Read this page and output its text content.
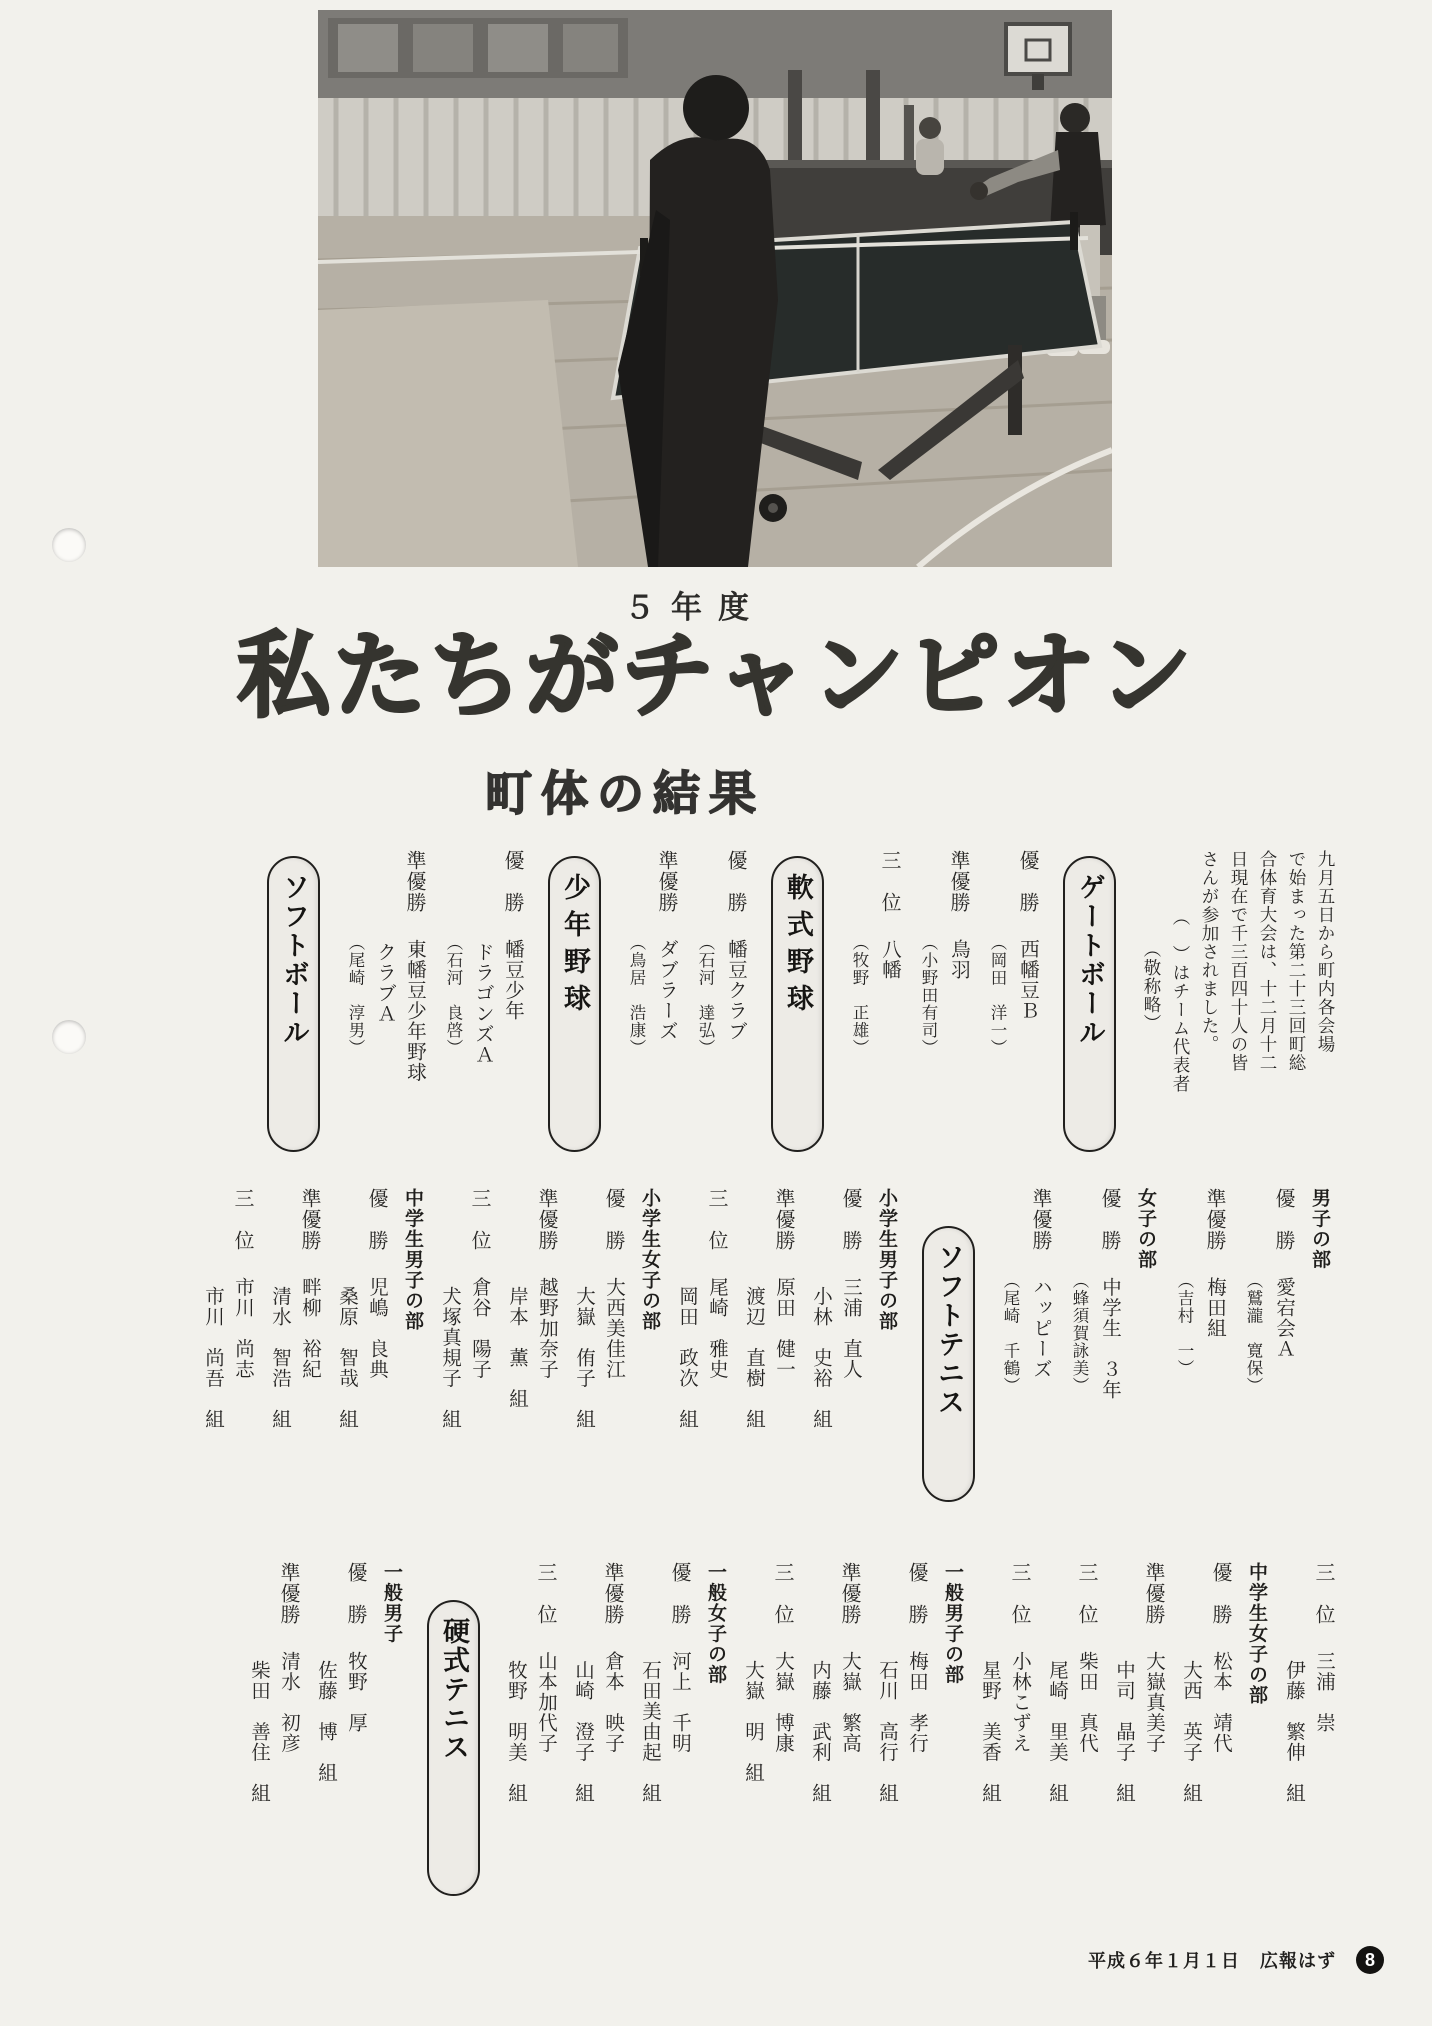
５年度
私たちがチャンピオン
町体の結果
九月五日から町内各会場
で始まった第二十三回町総
合体育大会は、十二月十二
日現在で千三百四十人の皆
さんが参加されました。
（　）はチーム代表者
（敬称略）
ゲートボール
優　勝西幡豆Ｂ
（岡田　洋一）
準優勝鳥羽
（小野田有司）
三　位八幡
（牧野　正雄）
軟式野球
優　勝幡豆クラブ
（石河　達弘）
準優勝ダブラーズ
（鳥居　浩康）
少年野球
優　勝幡豆少年
ドラゴンズＡ
（石河　良啓）
準優勝東幡豆少年野球
クラブＡ
（尾崎　淳男）
ソフトボール
男子の部
優　勝愛宕会Ａ
（鷲瀧　寛保）
準優勝梅田組
（吉村　一）
女子の部
優　勝中学生　３年
（蜂須賀詠美）
準優勝ハッピーズ
（尾崎　千鶴）
ソフトテニス
小学生男子の部
優　勝三浦　直人
小林　史裕　組
準優勝原田　健一
渡辺　直樹　組
三　位尾崎　雅史
岡田　政次　組
小学生女子の部
優　勝大西美佳江
大嶽　侑子　組
準優勝越野加奈子
岸本　薫　組
三　位倉谷　陽子
犬塚真規子　組
中学生男子の部
優　勝児嶋　良典
桑原　智哉　組
準優勝畔柳　裕紀
清水　智浩　組
三　位市川　尚志
市川　尚吾　組
三　位三浦　崇
伊藤　繁伸　組
中学生女子の部
優　勝松本　靖代
大西　英子　組
準優勝大嶽真美子
中司　晶子　組
三　位柴田　真代
尾崎　里美　組
三　位小林こずえ
星野　美香　組
一般男子の部
優　勝梅田　孝行
石川　高行　組
準優勝大嶽　繁高
内藤　武利　組
三　位大嶽　博康
大嶽　明　組
一般女子の部
優　勝河上　千明
石田美由起　組
準優勝倉本　映子
山崎　澄子　組
三　位山本加代子
牧野　明美　組
硬式テニス
一般男子
優　勝牧野　厚
佐藤　博　組
準優勝清水　初彦
柴田　善住　組
平成６年１月１日 広報はず	8
